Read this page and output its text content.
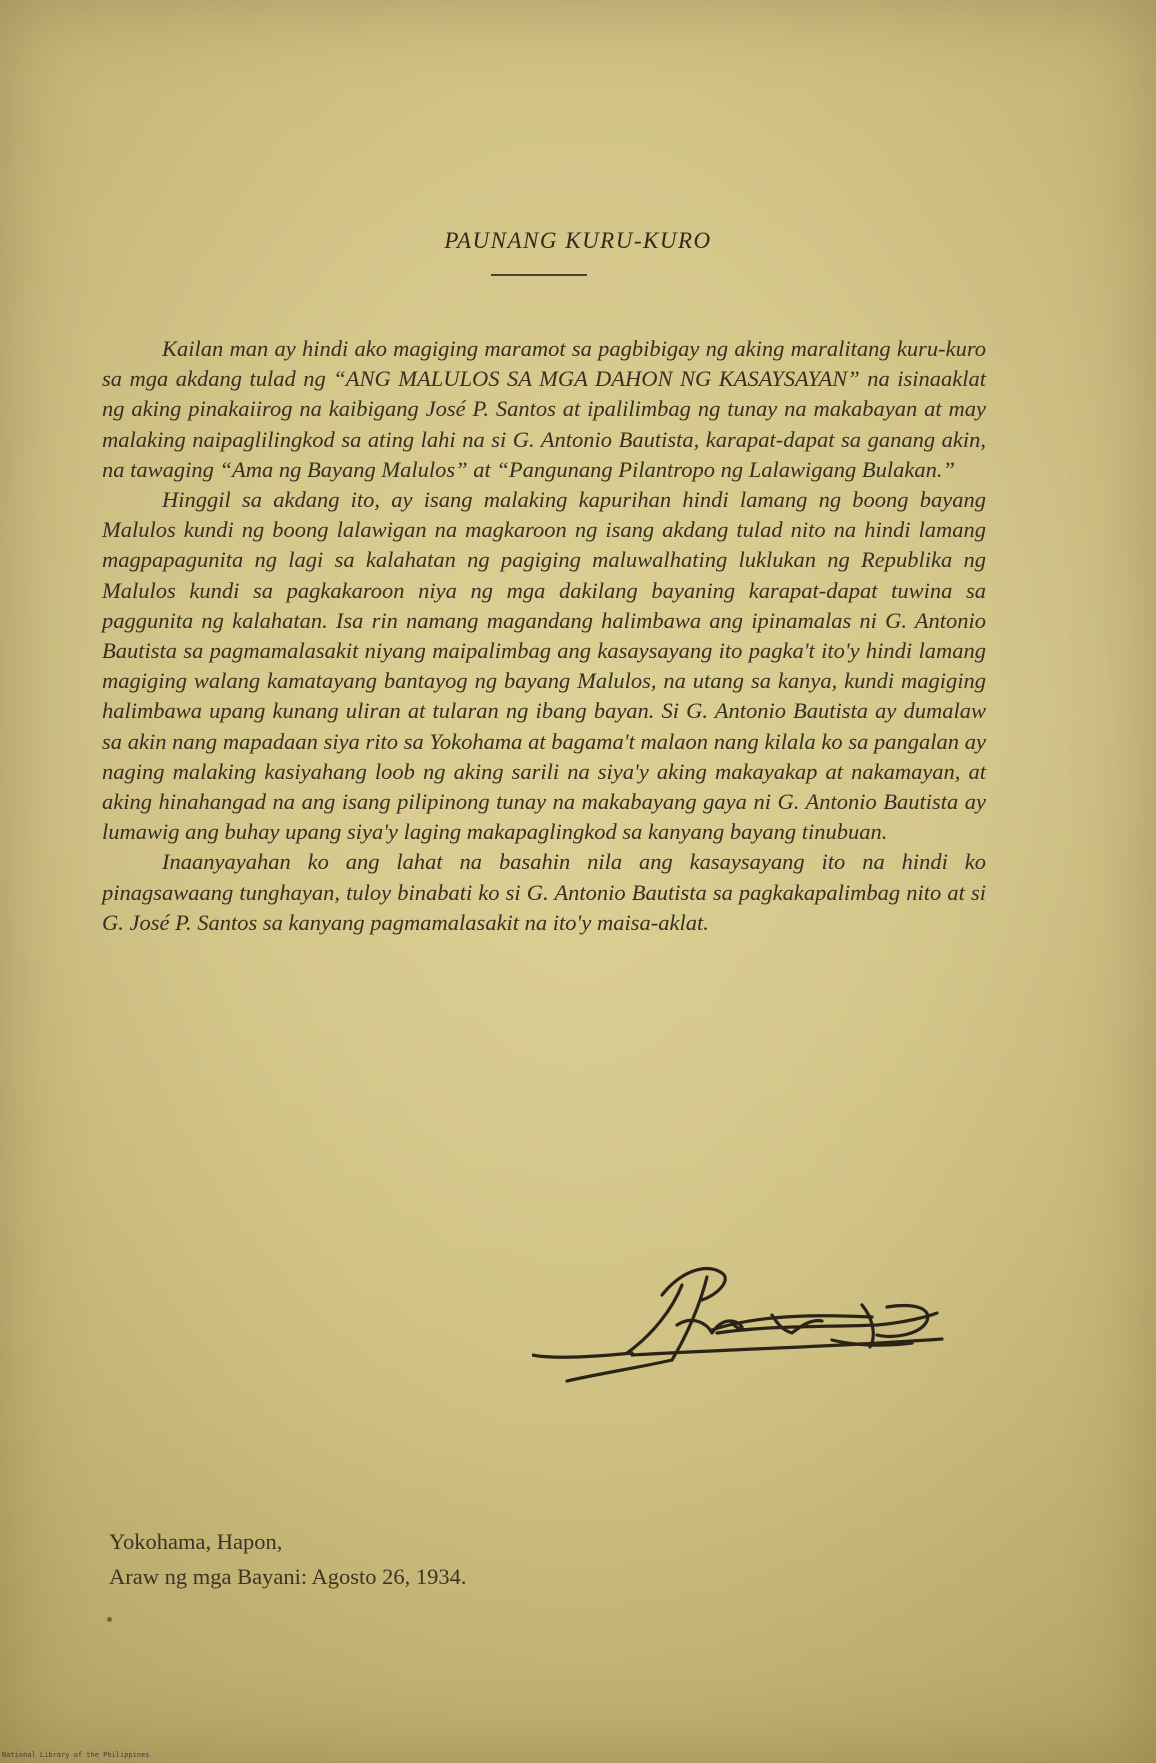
PAUNANG KURU-KURO

Kailan man ay hindi ako magiging maramot sa pagbibigay ng aking maralitang kuru-kuro sa mga akdang tulad ng “ANG MALULOS SA MGA DAHON NG KASAYSAYAN” na isinaaklat ng aking pinakaiirog na kaibigang José P. Santos at ipalilimbag ng tunay na makabayan at may malaking naipaglilingkod sa ating lahi na si G. Antonio Bautista, karapat-dapat sa ganang akin, na tawaging “Ama ng Bayang Malulos” at “Pangunang Pilantropo ng Lalawigang Bulakan.”

Hinggil sa akdang ito, ay isang malaking kapurihan hindi lamang ng boong bayang Malulos kundi ng boong lalawigan na magkaroon ng isang akdang tulad nito na hindi lamang magpapagunita ng lagi sa kalahatan ng pagiging maluwalhating luklukan ng Republika ng Malulos kundi sa pagkakaroon niya ng mga dakilang bayaning karapat-dapat tuwina sa paggunita ng kalahatan. Isa rin namang magandang halimbawa ang ipinamalas ni G. Antonio Bautista sa pagmamalasakit niyang maipalimbag ang kasaysayang ito pagka't ito'y hindi lamang magiging walang kamatayang bantayog ng bayang Malulos, na utang sa kanya, kundi magiging halimbawa upang kunang uliran at tularan ng ibang bayan. Si G. Antonio Bautista ay dumalaw sa akin nang mapadaan siya rito sa Yokohama at bagama't malaon nang kilala ko sa pangalan ay naging malaking kasiyahang loob ng aking sarili na siya'y aking makayakap at nakamayan, at aking hinahangad na ang isang pilipinong tunay na makabayang gaya ni G. Antonio Bautista ay lumawig ang buhay upang siya'y laging makapaglingkod sa kanyang bayang tinubuan.

Inaanyayahan ko ang lahat na basahin nila ang kasaysayang ito na hindi ko pinagsawaang tunghayan, tuloy binabati ko si G. Antonio Bautista sa pagkakapalimbag nito at si G. José P. Santos sa kanyang pagmamalasakit na ito'y maisa-aklat.

Yokohama, Hapon,
Araw ng mga Bayani: Agosto 26, 1934.
National Library of the Philippines
